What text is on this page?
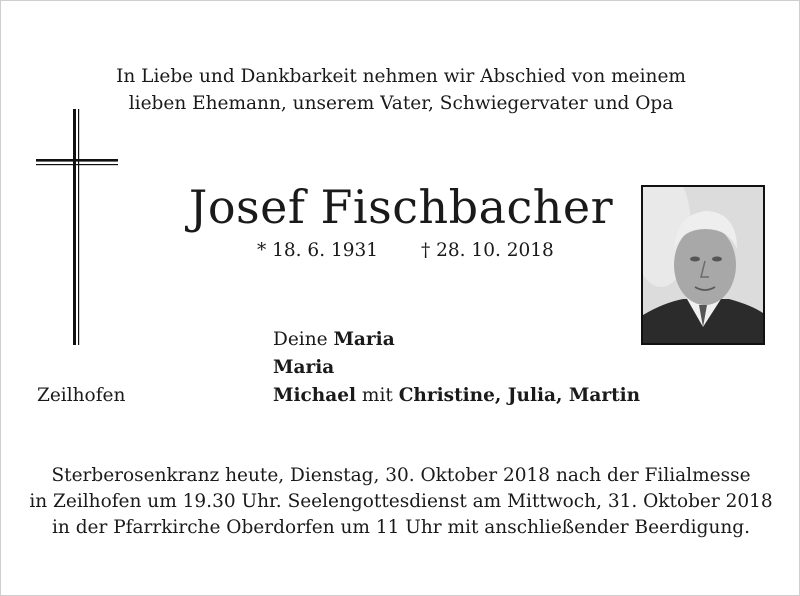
In Liebe und Dankbarkeit nehmen wir Abschied von meinem
lieben Ehemann, unserem Vater, Schwiegervater und Opa
Josef Fischbacher
* 18. 6. 1931 † 28. 10. 2018
Deine Maria
Maria
Michael mit Christine, Julia, Martin
Zeilhofen
Sterberosenkranz heute, Dienstag, 30. Oktober 2018 nach der Filialmesse
in Zeilhofen um 19.30 Uhr. Seelengottesdienst am Mittwoch, 31. Oktober 2018
in der Pfarrkirche Oberdorfen um 11 Uhr mit anschließender Beerdigung.
